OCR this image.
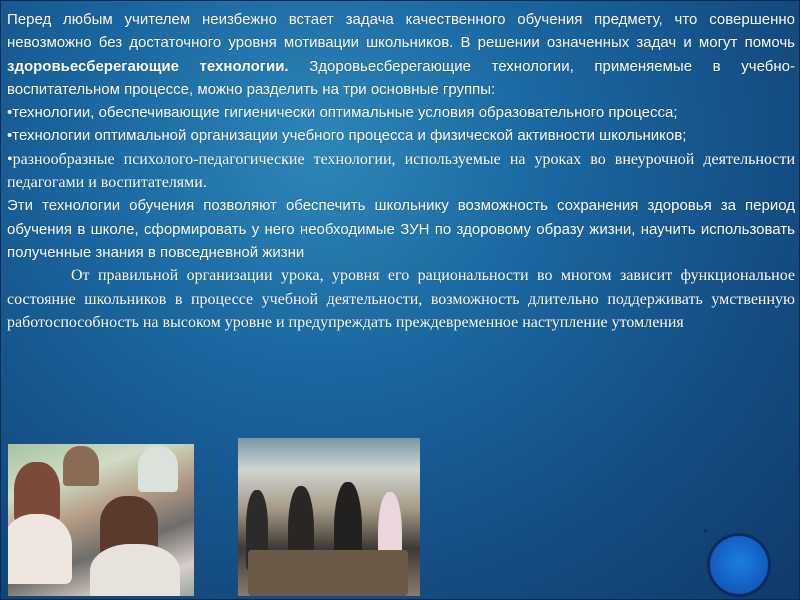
Перед любым учителем неизбежно встает задача качественного обучения предмету, что совершенно невозможно без достаточного уровня мотивации школьников. В решении означенных задач и могут помочь здоровьесберегающие технологии. Здоровьесберегающие технологии, применяемые в учебно-воспитательном процессе, можно разделить на три основные группы:

•технологии, обеспечивающие гигиенически оптимальные условия образовательного процесса;

•технологии оптимальной организации учебного процесса и физической активности школьников;

•разнообразные психолого-педагогические технологии, используемые на уроках во внеурочной деятельности педагогами и воспитателями.

Эти технологии обучения позволяют обеспечить школьнику возможность сохранения здоровья за период обучения в школе, сформировать у него необходимые ЗУН по здоровому образу жизни, научить использовать полученные знания в повседневной жизни

От правильной организации урока, уровня его рациональности во многом зависит функциональное состояние школьников в процессе учебной деятельности, возможность длительно поддерживать умственную работоспособность на высоком уровне и предупреждать преждевременное наступление утомления
